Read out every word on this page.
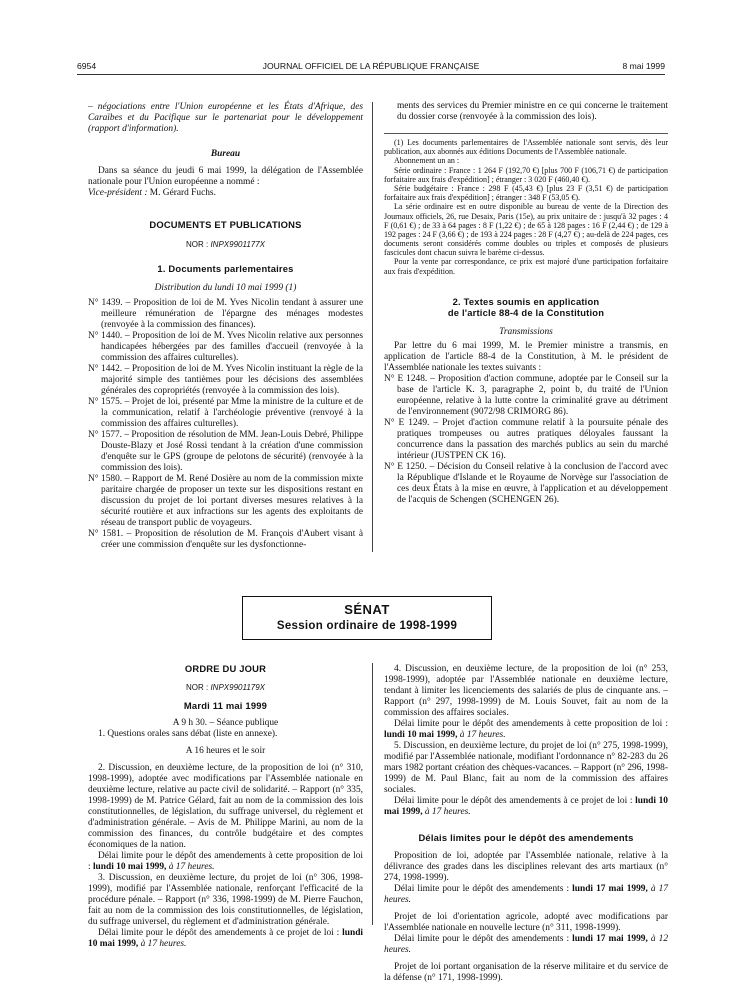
6954	JOURNAL OFFICIEL DE LA RÉPUBLIQUE FRANÇAISE	8 mai 1999

– négociations entre l'Union européenne et les États d'Afrique, des Caraïbes et du Pacifique sur le partenariat pour le développement (rapport d'information).

Bureau

Dans sa séance du jeudi 6 mai 1999, la délégation de l'Assemblée nationale pour l'Union européenne a nommé :

Vice-président : M. Gérard Fuchs.

DOCUMENTS ET PUBLICATIONS

NOR : INPX9901177X

1. Documents parlementaires

Distribution du lundi 10 mai 1999 (1)

N° 1439. – Proposition de loi de M. Yves Nicolin tendant à assurer une meilleure rémunération de l'épargne des ménages modestes (renvoyée à la commission des finances).

N° 1440. – Proposition de loi de M. Yves Nicolin relative aux personnes handicapées hébergées par des familles d'accueil (renvoyée à la commission des affaires culturelles).

N° 1442. – Proposition de loi de M. Yves Nicolin instituant la règle de la majorité simple des tantièmes pour les décisions des assemblées générales des copropriétés (renvoyée à la commission des lois).

N° 1575. – Projet de loi, présenté par Mme la ministre de la culture et de la communication, relatif à l'archéologie préventive (renvoyé à la commission des affaires culturelles).

N° 1577. – Proposition de résolution de MM. Jean-Louis Debré, Philippe Douste-Blazy et José Rossi tendant à la création d'une commission d'enquête sur le GPS (groupe de pelotons de sécurité) (renvoyée à la commission des lois).

N° 1580. – Rapport de M. René Dosière au nom de la commission mixte paritaire chargée de proposer un texte sur les dispositions restant en discussion du projet de loi portant diverses mesures relatives à la sécurité routière et aux infractions sur les agents des exploitants de réseau de transport public de voyageurs.

N° 1581. – Proposition de résolution de M. François d'Aubert visant à créer une commission d'enquête sur les dysfonctionne-

ments des services du Premier ministre en ce qui concerne le traitement du dossier corse (renvoyée à la commission des lois).

(1) Les documents parlementaires de l'Assemblée nationale sont servis, dès leur publication, aux abonnés aux éditions Documents de l'Assemblée nationale.

Abonnement un an :

Série ordinaire : France : 1 264 F (192,70 €) [plus 700 F (106,71 €) de participation forfaitaire aux frais d'expédition] ; étranger : 3 020 F (460,40 €).

Série budgétaire : France : 298 F (45,43 €) [plus 23 F (3,51 €) de participation forfaitaire aux frais d'expédition] ; étranger : 348 F (53,05 €).

La série ordinaire est en outre disponible au bureau de vente de la Direction des Journaux officiels, 26, rue Desaix, Paris (15e), au prix unitaire de : jusqu'à 32 pages : 4 F (0,61 €) ; de 33 à 64 pages : 8 F (1,22 €) ; de 65 à 128 pages : 16 F (2,44 €) ; de 129 à 192 pages : 24 F (3,66 €) ; de 193 à 224 pages : 28 F (4,27 €) ; au-delà de 224 pages, ces documents seront considérés comme doubles ou triples et composés de plusieurs fascicules dont chacun suivra le barème ci-dessus.

Pour la vente par correspondance, ce prix est majoré d'une participation forfaitaire aux frais d'expédition.

2. Textes soumis en application

de l'article 88-4 de la Constitution

Transmissions

Par lettre du 6 mai 1999, M. le Premier ministre a transmis, en application de l'article 88-4 de la Constitution, à M. le président de l'Assemblée nationale les textes suivants :

N° E 1248. – Proposition d'action commune, adoptée par le Conseil sur la base de l'article K. 3, paragraphe 2, point b, du traité de l'Union européenne, relative à la lutte contre la criminalité grave au détriment de l'environnement (9072/98 CRIMORG 86).

N° E 1249. – Projet d'action commune relatif à la poursuite pénale des pratiques trompeuses ou autres pratiques déloyales faussant la concurrence dans la passation des marchés publics au sein du marché intérieur (JUSTPEN CK 16).

N° E 1250. – Décision du Conseil relative à la conclusion de l'accord avec la République d'Islande et le Royaume de Norvège sur l'association de ces deux États à la mise en œuvre, à l'application et au développement de l'acquis de Schengen (SCHENGEN 26).

SÉNAT
Session ordinaire de 1998-1999

ORDRE DU JOUR

NOR : INPX9901179X

Mardi 11 mai 1999

A 9 h 30. – Séance publique

1. Questions orales sans débat (liste en annexe).

A 16 heures et le soir

2. Discussion, en deuxième lecture, de la proposition de loi (n° 310, 1998-1999), adoptée avec modifications par l'Assemblée nationale en deuxième lecture, relative au pacte civil de solidarité. – Rapport (n° 335, 1998-1999) de M. Patrice Gélard, fait au nom de la commission des lois constitutionnelles, de législation, du suffrage universel, du règlement et d'administration générale. – Avis de M. Philippe Marini, au nom de la commission des finances, du contrôle budgétaire et des comptes économiques de la nation.

Délai limite pour le dépôt des amendements à cette proposition de loi : lundi 10 mai 1999, à 17 heures.

3. Discussion, en deuxième lecture, du projet de loi (n° 306, 1998-1999), modifié par l'Assemblée nationale, renforçant l'efficacité de la procédure pénale. – Rapport (n° 336, 1998-1999) de M. Pierre Fauchon, fait au nom de la commission des lois constitutionnelles, de législation, du suffrage universel, du règlement et d'administration générale.

Délai limite pour le dépôt des amendements à ce projet de loi : lundi 10 mai 1999, à 17 heures.

4. Discussion, en deuxième lecture, de la proposition de loi (n° 253, 1998-1999), adoptée par l'Assemblée nationale en deuxième lecture, tendant à limiter les licenciements des salariés de plus de cinquante ans. – Rapport (n° 297, 1998-1999) de M. Louis Souvet, fait au nom de la commission des affaires sociales.

Délai limite pour le dépôt des amendements à cette proposition de loi : lundi 10 mai 1999, à 17 heures.

5. Discussion, en deuxième lecture, du projet de loi (n° 275, 1998-1999), modifié par l'Assemblée nationale, modifiant l'ordonnance n° 82-283 du 26 mars 1982 portant création des chèques-vacances. – Rapport (n° 296, 1998-1999) de M. Paul Blanc, fait au nom de la commission des affaires sociales.

Délai limite pour le dépôt des amendements à ce projet de loi : lundi 10 mai 1999, à 17 heures.

Délais limites pour le dépôt des amendements

Proposition de loi, adoptée par l'Assemblée nationale, relative à la délivrance des grades dans les disciplines relevant des arts martiaux (n° 274, 1998-1999).

Délai limite pour le dépôt des amendements : lundi 17 mai 1999, à 17 heures.

Projet de loi d'orientation agricole, adopté avec modifications par l'Assemblée nationale en nouvelle lecture (n° 311, 1998-1999).

Délai limite pour le dépôt des amendements : lundi 17 mai 1999, à 12 heures.

Projet de loi portant organisation de la réserve militaire et du service de la défense (n° 171, 1998-1999).
